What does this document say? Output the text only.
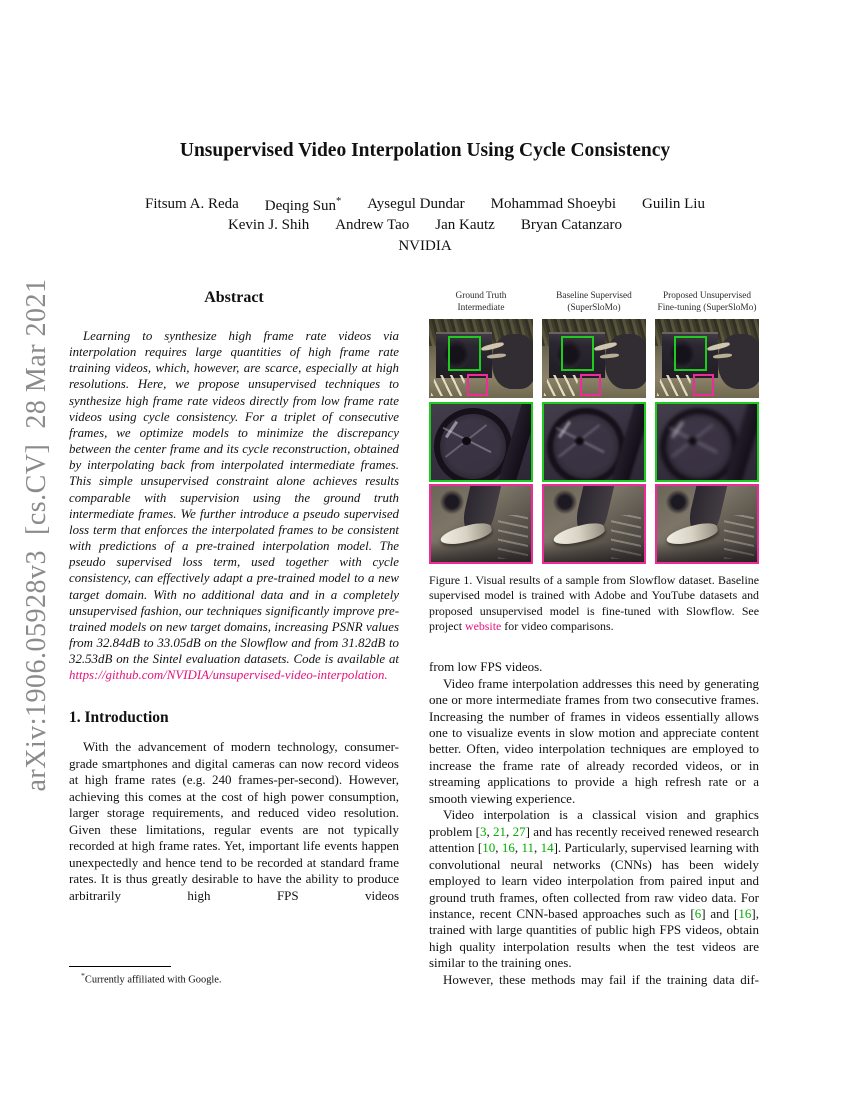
arXiv:1906.05928v3  [cs.CV]  28 Mar 2021
Unsupervised Video Interpolation Using Cycle Consistency
Fitsum A. Reda Deqing Sun* Aysegul Dundar Mohammad Shoeybi Guilin Liu
Kevin J. Shih Andrew Tao Jan Kautz Bryan Catanzaro
NVIDIA
Abstract

Learning to synthesize high frame rate videos via interpolation requires large quantities of high frame rate training videos, which, however, are scarce, especially at high resolutions. Here, we propose unsupervised techniques to synthesize high frame rate videos directly from low frame rate videos using cycle consistency. For a triplet of consecutive frames, we optimize models to minimize the discrepancy between the center frame and its cycle reconstruction, obtained by interpolating back from interpolated intermediate frames. This simple unsupervised constraint alone achieves results comparable with supervision using the ground truth intermediate frames. We further introduce a pseudo supervised loss term that enforces the interpolated frames to be consistent with predictions of a pre-trained interpolation model. The pseudo supervised loss term, used together with cycle consistency, can effectively adapt a pre-trained model to a new target domain. With no additional data and in a completely unsupervised fashion, our techniques significantly improve pre-trained models on new target domains, increasing PSNR values from 32.84dB to 33.05dB on the Slowflow and from 31.82dB to 32.53dB on the Sintel evaluation datasets. Code is available at https://github.com/NVIDIA/unsupervised-video-interpolation.

1. Introduction

With the advancement of modern technology, consumer-grade smartphones and digital cameras can now record videos at high frame rates (e.g. 240 frames-per-second). However, achieving this comes at the cost of high power consumption, larger storage requirements, and reduced video resolution. Given these limitations, regular events are not typically recorded at high frame rates. Yet, important life events happen unexpectedly and hence tend to be recorded at standard frame rates. It is thus greatly desirable to have the ability to produce arbitrarily high FPS videos

*Currently affiliated with Google.

Ground Truth
Intermediate
Baseline Supervised
(SuperSloMo)
Proposed Unsupervised
Fine-tuning (SuperSloMo)

Figure 1. Visual results of a sample from Slowflow dataset. Baseline supervised model is trained with Adobe and YouTube datasets and proposed unsupervised model is fine-tuned with Slowflow. See project website for video comparisons.

from low FPS videos.

Video frame interpolation addresses this need by generating one or more intermediate frames from two consecutive frames. Increasing the number of frames in videos essentially allows one to visualize events in slow motion and appreciate content better. Often, video interpolation techniques are employed to increase the frame rate of already recorded videos, or in streaming applications to provide a high refresh rate or a smooth viewing experience.

Video interpolation is a classical vision and graphics problem [3, 21, 27] and has recently received renewed research attention [10, 16, 11, 14]. Particularly, supervised learning with convolutional neural networks (CNNs) has been widely employed to learn video interpolation from paired input and ground truth frames, often collected from raw video data. For instance, recent CNN-based approaches such as [6] and [16], trained with large quantities of public high FPS videos, obtain high quality interpolation results when the test videos are similar to the training ones.

However, these methods may fail if the training data dif-
